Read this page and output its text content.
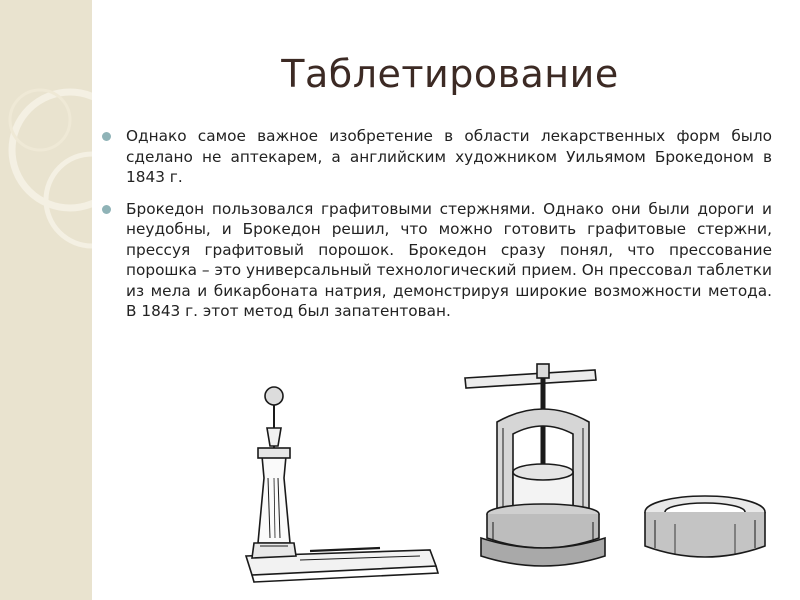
Таблетирование
Однако самое важное изобретение в области лекарственных форм было сделано не аптекарем, а английским художником Уильямом Брокедоном в 1843 г.
Брокедон пользовался графитовыми стержнями. Однако они были дороги и неудобны, и Брокедон решил, что можно готовить графитовые стержни, прессуя графитовый порошок. Брокедон сразу понял, что прессование порошка – это универсальный технологический прием. Он прессовал таблетки из мела и бикарбоната натрия, демонстрируя широкие возможности метода. В 1843 г. этот метод был запатентован.
